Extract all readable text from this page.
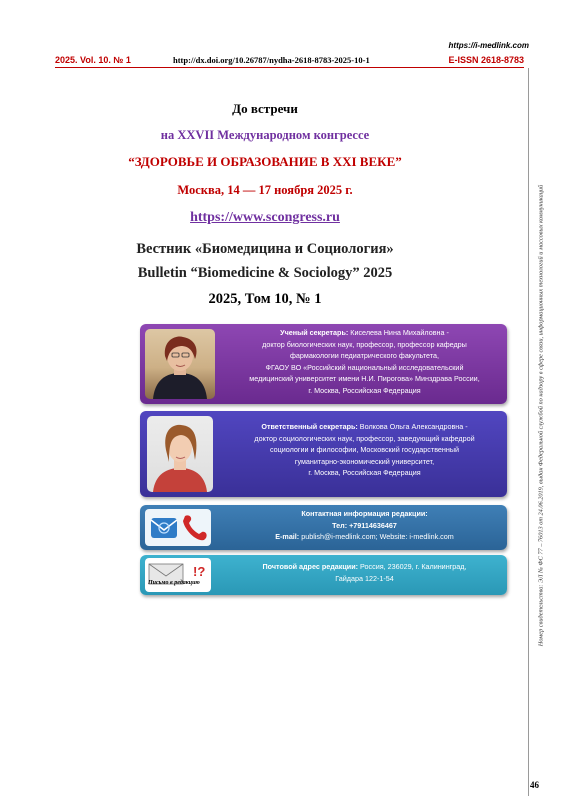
https://i-medlink.com
2025. Vol. 10. № 1	http://dx.doi.org/10.26787/nydha-2618-8783-2025-10-1	E-ISSN 2618-8783
Номер свидетельства: ЭЛ № ФС 77 – 76013 от 24.06.2019, выдан Федеральной службой по надзору в сфере связи, информационных технологий и массовых коммуникаций
46
До встречи
на XXVII Международном конгрессе
“ЗДОРОВЬЕ И ОБРАЗОВАНИЕ В XXI ВЕКЕ”
Москва, 14 — 17 ноября 2025 г.
https://www.scongress.ru
Вестник «Биомедицина и Социология»
Bulletin “Biomedicine & Sociology” 2025
2025, Том 10, № 1
Ученый секретарь: Киселева Нина Михайловна -
доктор биологических наук, профессор, профессор кафедры
фармакологии педиатрического факультета,
ФГАОУ ВО «Российский национальный исследовательский
медицинский университет имени Н.И. Пирогова» Минздрава России,
г. Москва, Российская Федерация
Ответственный секретарь: Волкова Ольга Александровна -
доктор социологических наук, профессор, заведующий кафедрой
социологии и философии, Московский государственный
гуманитарно-экономический университет,
г. Москва, Российская Федерация
Контактная информация редакции:
Тел: +79114636467
E-mail: publish@i-medlink.com; Website: i-medlink.com
!?
Письмо в редакцию
Почтовой адрес редакции: Россия, 236029, г. Калининград,
Гайдара 122-1-54
